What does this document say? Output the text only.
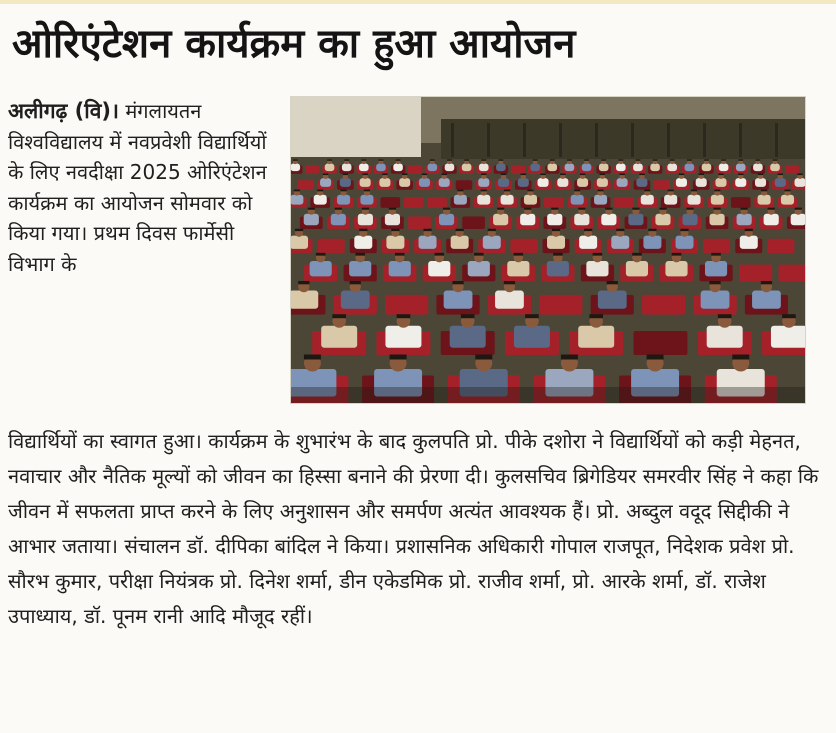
ओरिएंटेशन कार्यक्रम का हुआ आयोजन

अलीगढ़ (वि)। मंगलायतन विश्वविद्यालय में नवप्रवेशी विद्यार्थियों के लिए नवदीक्षा 2025 ओरिएंटेशन कार्यक्रम का आयोजन सोमवार को किया गया। प्रथम दिवस फार्मेसी विभाग के

विद्यार्थियों का स्वागत हुआ। कार्यक्रम के शुभारंभ के बाद कुलपति प्रो. पीके दशोरा ने विद्यार्थियों को कड़ी मेहनत, नवाचार और नैतिक मूल्यों को जीवन का हिस्सा बनाने की प्रेरणा दी। कुलसचिव ब्रिगेडियर समरवीर सिंह ने कहा कि जीवन में सफलता प्राप्त करने के लिए अनुशासन और समर्पण अत्यंत आवश्यक हैं। प्रो. अब्दुल वदूद सिद्दीकी ने आभार जताया। संचालन डॉ. दीपिका बांदिल ने किया। प्रशासनिक अधिकारी गोपाल राजपूत, निदेशक प्रवेश प्रो. सौरभ कुमार, परीक्षा नियंत्रक प्रो. दिनेश शर्मा, डीन एकेडमिक प्रो. राजीव शर्मा, प्रो. आरके शर्मा, डॉ. राजेश उपाध्याय, डॉ. पूनम रानी आदि मौजूद रहीं।
